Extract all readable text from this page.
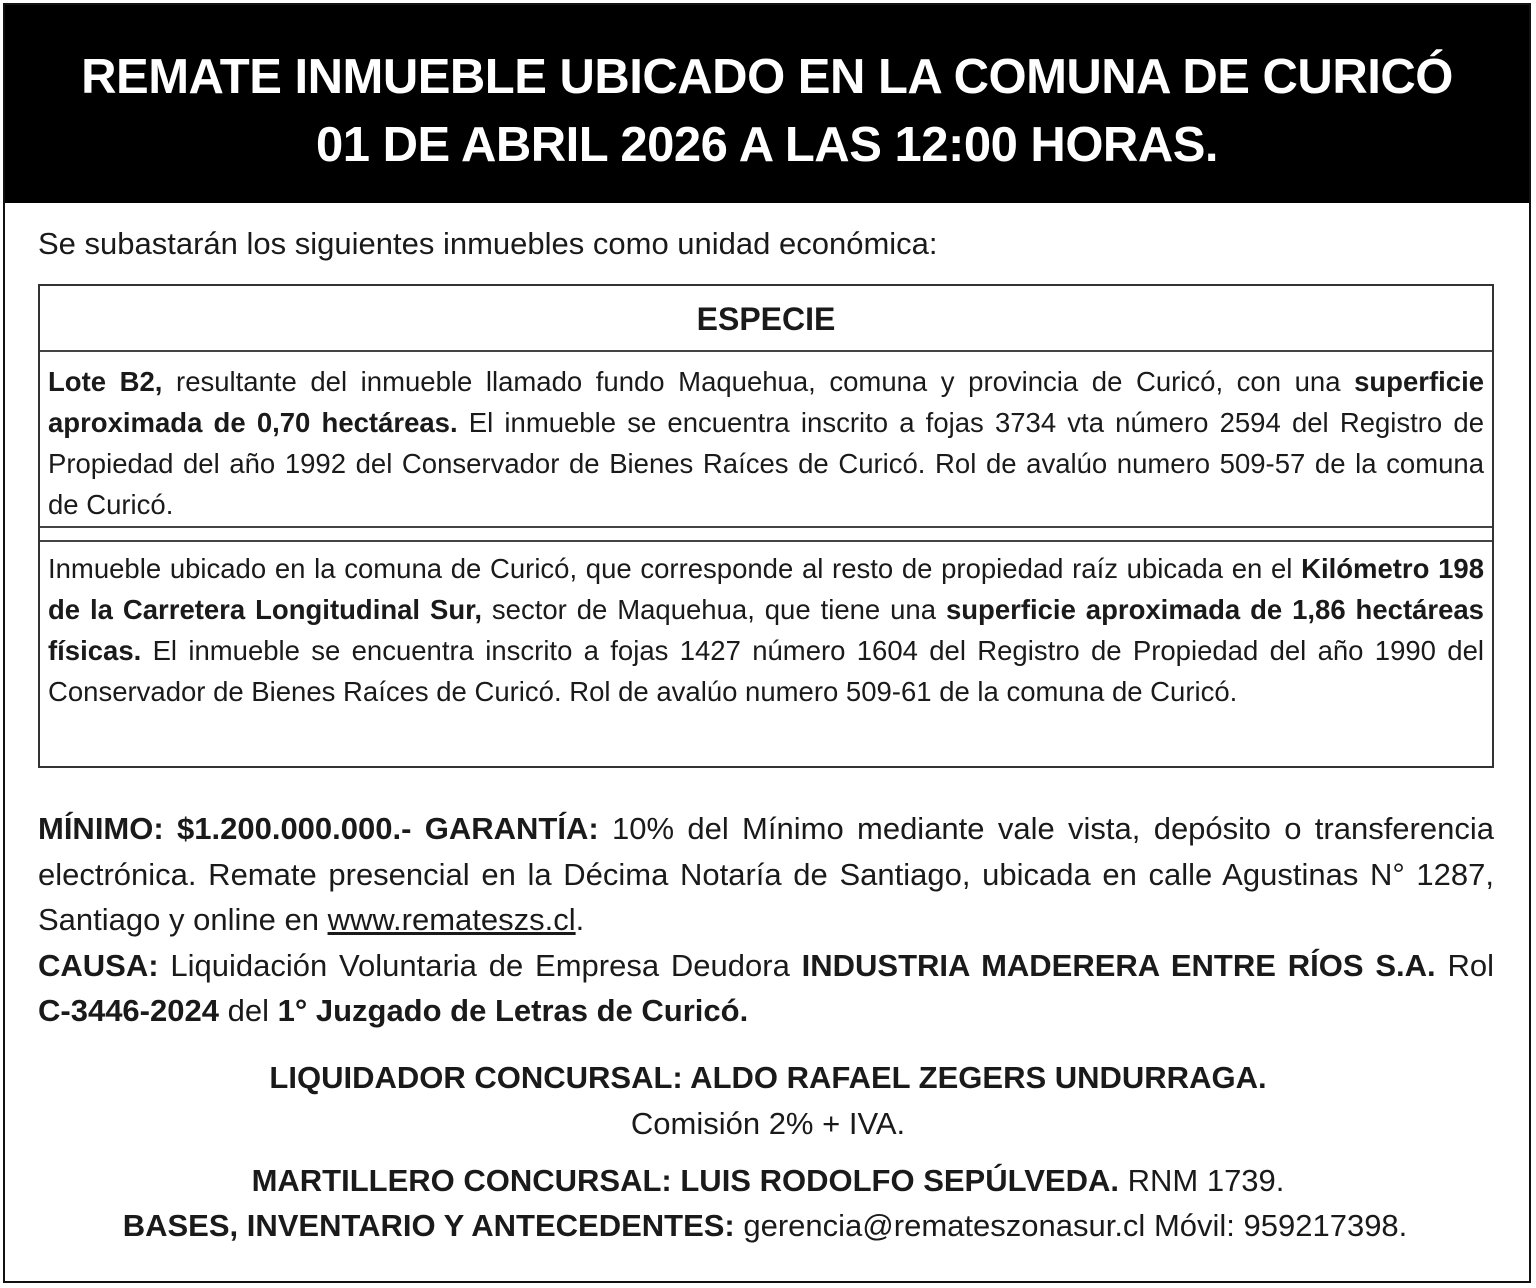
REMATE INMUEBLE UBICADO EN LA COMUNA DE CURICÓ
01 DE ABRIL 2026 A LAS 12:00 HORAS.
Se subastarán los siguientes inmuebles como unidad económica:
ESPECIE
Lote B2, resultante del inmueble llamado fundo Maquehua, comuna y provincia de Curicó, con una superficie aproximada de 0,70 hectáreas. El inmueble se encuentra inscrito a fojas 3734 vta número 2594 del Registro de Propiedad del año 1992 del Conservador de Bienes Raíces de Curicó. Rol de avalúo numero 509-57 de la comuna de Curicó.
Inmueble ubicado en la comuna de Curicó, que corresponde al resto de propiedad raíz ubicada en el Kilómetro 198 de la Carretera Longitudinal Sur, sector de Maquehua, que tiene una superficie aproximada de 1,86 hectáreas físicas. El inmueble se encuentra inscrito a fojas 1427 número 1604 del Registro de Propiedad del año 1990 del Conservador de Bienes Raíces de Curicó. Rol de avalúo numero 509-61 de la comuna de Curicó.
MÍNIMO: $1.200.000.000.- GARANTÍA: 10% del Mínimo mediante vale vista, depósito o transferencia electrónica. Remate presencial en la Décima Notaría de Santiago, ubicada en calle Agustinas N° 1287, Santiago y online en www.remateszs.cl.
CAUSA: Liquidación Voluntaria de Empresa Deudora INDUSTRIA MADERERA ENTRE RÍOS S.A. Rol C-3446-2024 del 1° Juzgado de Letras de Curicó.
LIQUIDADOR CONCURSAL: ALDO RAFAEL ZEGERS UNDURRAGA.
Comisión 2% + IVA.
MARTILLERO CONCURSAL: LUIS RODOLFO SEPÚLVEDA. RNM 1739.
BASES, INVENTARIO Y ANTECEDENTES: gerencia@remateszonasur.cl Móvil: 959217398.
